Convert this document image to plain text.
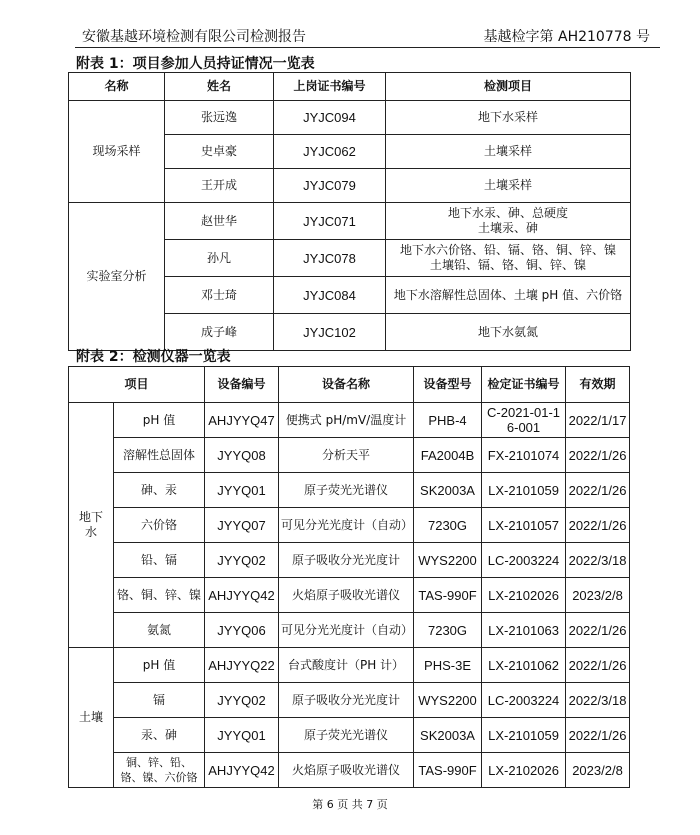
安徽基越环境检测有限公司检测报告	基越检字第 AH210778 号
附表 1：项目参加人员持证情况一览表
名称	姓名	上岗证书编号	检测项目
现场采样	张远逸	JYJC094	地下水采样

	史卓豪	JYJC062	土壤采样

	王开成	JYJC079	土壤采样

实验室分析	赵世华	JYJC071	地下水汞、砷、总硬度
土壤汞、砷

	孙凡	JYJC078	地下水六价铬、铅、镉、铬、铜、锌、镍
土壤铅、镉、铬、铜、锌、镍

	邓士琦	JYJC084	地下水溶解性总固体、土壤 pH 值、六价铬

	成子峰	JYJC102	地下水氨氮
附表 2：检测仪器一览表
项目		设备编号	设备名称	设备型号	检定证书编号	有效期
地下水	pH 值	AHJYYQ47	便携式 pH/mV/温度计	PHB-4	C-2021-01-16-001	2022/1/17
	溶解性总固体	JYYQ08	分析天平	FA2004B	FX-2101074	2022/1/26
	砷、汞	JYYQ01	原子荧光光谱仪	SK2003A	LX-2101059	2022/1/26
	六价铬	JYYQ07	可见分光光度计（自动）	7230G	LX-2101057	2022/1/26
	铅、镉	JYYQ02	原子吸收分光光度计	WYS2200	LC-2003224	2022/3/18
	铬、铜、锌、镍	AHJYYQ42	火焰原子吸收光谱仪	TAS-990F	LX-2102026	2023/2/8
	氨氮	JYYQ06	可见分光光度计（自动）	7230G	LX-2101063	2022/1/26
土壤	pH 值	AHJYYQ22	台式酸度计（PH 计）	PHS-3E	LX-2101062	2022/1/26
	镉	JYYQ02	原子吸收分光光度计	WYS2200	LC-2003224	2022/3/18
	汞、砷	JYYQ01	原子荧光光谱仪	SK2003A	LX-2101059	2022/1/26
	铜、锌、铅、铬、镍、六价铬	AHJYYQ42	火焰原子吸收光谱仪	TAS-990F	LX-2102026	2023/2/8
第 6 页 共 7 页
